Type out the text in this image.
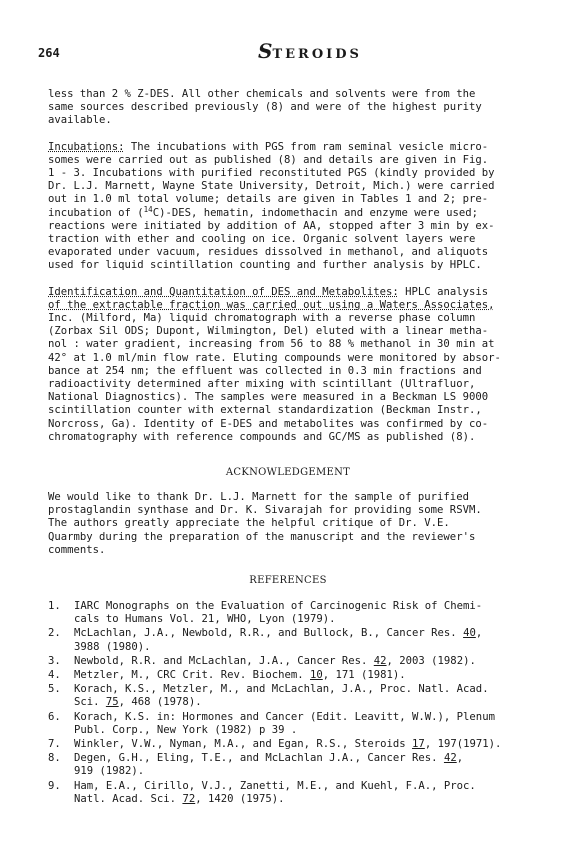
264	STEROIDS
less than 2 % Z-DES. All other chemicals and solvents were from the
same sources described previously (8) and were of the highest purity
available.
Incubations: The incubations with PGS from ram seminal vesicle micro-
somes were carried out as published (8) and details are given in Fig.
1 - 3. Incubations with purified reconstituted PGS (kindly provided by
Dr. L.J. Marnett, Wayne State University, Detroit, Mich.) were carried
out in 1.0 ml total volume; details are given in Tables 1 and 2; pre-
incubation of ($^{14}$C)-DES, hematin, indomethacin and enzyme were used;
reactions were initiated by addition of AA, stopped after 3 min by ex-
traction with ether and cooling on ice. Organic solvent layers were
evaporated under vacuum, residues dissolved in methanol, and aliquots
used for liquid scintillation counting and further analysis by HPLC.
Identification and Quantitation of DES and Metabolites: HPLC analysis
of the extractable fraction was carried out using a Waters Associates,
Inc. (Milford, Ma) liquid chromatograph with a reverse phase column
(Zorbax Sil ODS; Dupont, Wilmington, Del) eluted with a linear metha-
nol : water gradient, increasing from 56 to 88 % methanol in 30 min at
42° at 1.0 ml/min flow rate. Eluting compounds were monitored by absor-
bance at 254 nm; the effluent was collected in 0.3 min fractions and
radioactivity determined after mixing with scintillant (Ultrafluor,
National Diagnostics). The samples were measured in a Beckman LS 9000
scintillation counter with external standardization (Beckman Instr.,
Norcross, Ga). Identity of E-DES and metabolites was confirmed by co-
chromatography with reference compounds and GC/MS as published (8).
ACKNOWLEDGEMENT
We would like to thank Dr. L.J. Marnett for the sample of purified
prostaglandin synthase and Dr. K. Sivarajah for providing some RSVM.
The authors greatly appreciate the helpful critique of Dr. V.E.
Quarmby during the preparation of the manuscript and the reviewer's
comments.
REFERENCES
1. IARC Monographs on the Evaluation of Carcinogenic Risk of Chemi-
cals to Humans Vol. 21, WHO, Lyon (1979).
2. McLachlan, J.A., Newbold, R.R., and Bullock, B., Cancer Res. 40,
3988 (1980).
3. Newbold, R.R. and McLachlan, J.A., Cancer Res. 42, 2003 (1982).
4. Metzler, M., CRC Crit. Rev. Biochem. 10, 171 (1981).
5. Korach, K.S., Metzler, M., and McLachlan, J.A., Proc. Natl. Acad.
Sci. 75, 468 (1978).
6. Korach, K.S. in: Hormones and Cancer (Edit. Leavitt, W.W.), Plenum
Publ. Corp., New York (1982) p 39 .
7. Winkler, V.W., Nyman, M.A., and Egan, R.S., Steroids 17, 197(1971).
8. Degen, G.H., Eling, T.E., and McLachlan J.A., Cancer Res. 42,
919 (1982).
9. Ham, E.A., Cirillo, V.J., Zanetti, M.E., and Kuehl, F.A., Proc.
Natl. Acad. Sci. 72, 1420 (1975).
